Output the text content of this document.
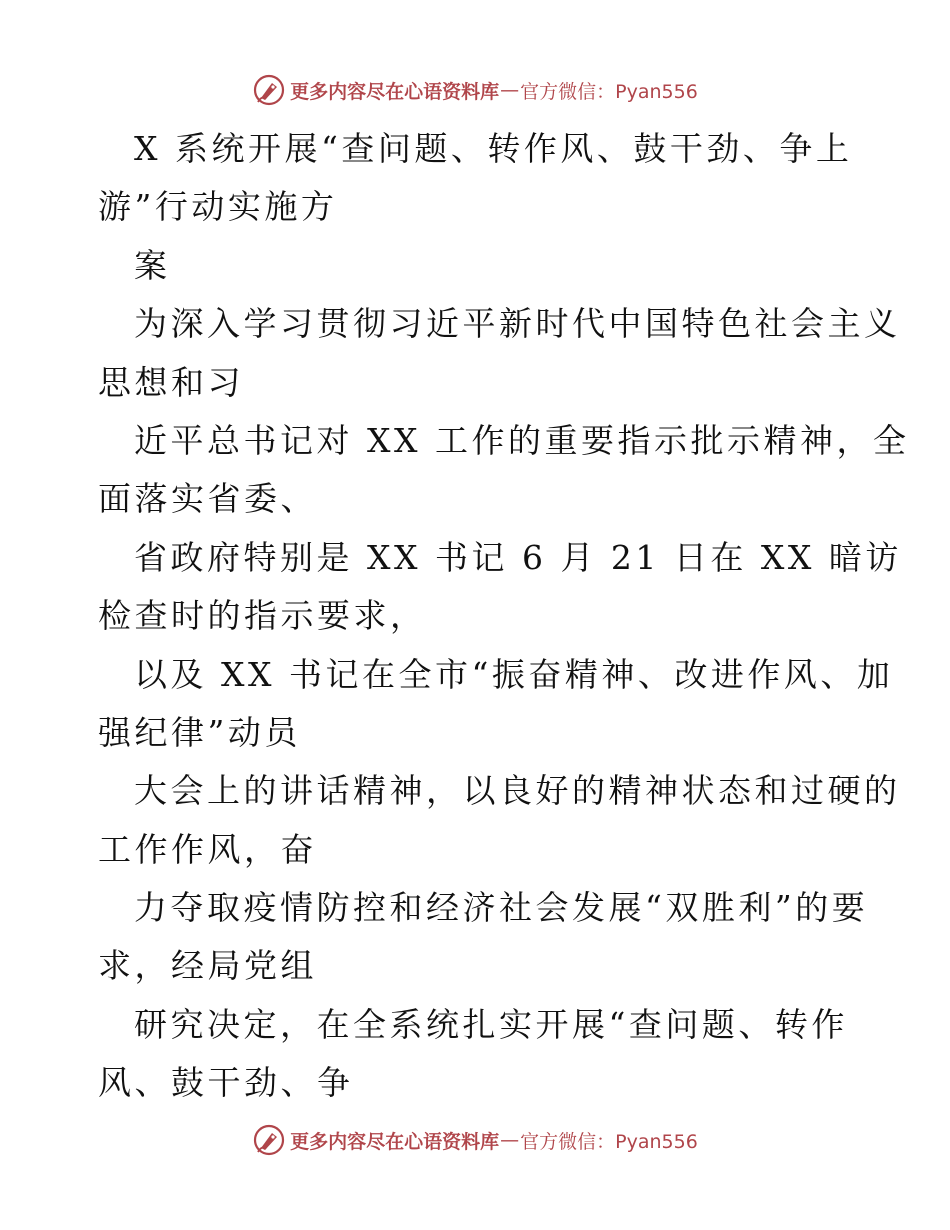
更多内容尽在心语资料库 — 官方微信：Pyan556
X 系统开展“查问题、转作风、鼓干劲、争上
游”行动实施方
案
为深入学习贯彻习近平新时代中国特色社会主义
思想和习
近平总书记对 XX 工作的重要指示批示精神，全
面落实省委、
省政府特别是 XX 书记 6 月 21 日在 XX 暗访
检查时的指示要求，
以及 XX 书记在全市“振奋精神、改进作风、加
强纪律”动员
大会上的讲话精神，以良好的精神状态和过硬的
工作作风，奋
力夺取疫情防控和经济社会发展“双胜利”的要
求，经局党组
研究决定，在全系统扎实开展“查问题、转作
风、鼓干劲、争
更多内容尽在心语资料库 — 官方微信：Pyan556
